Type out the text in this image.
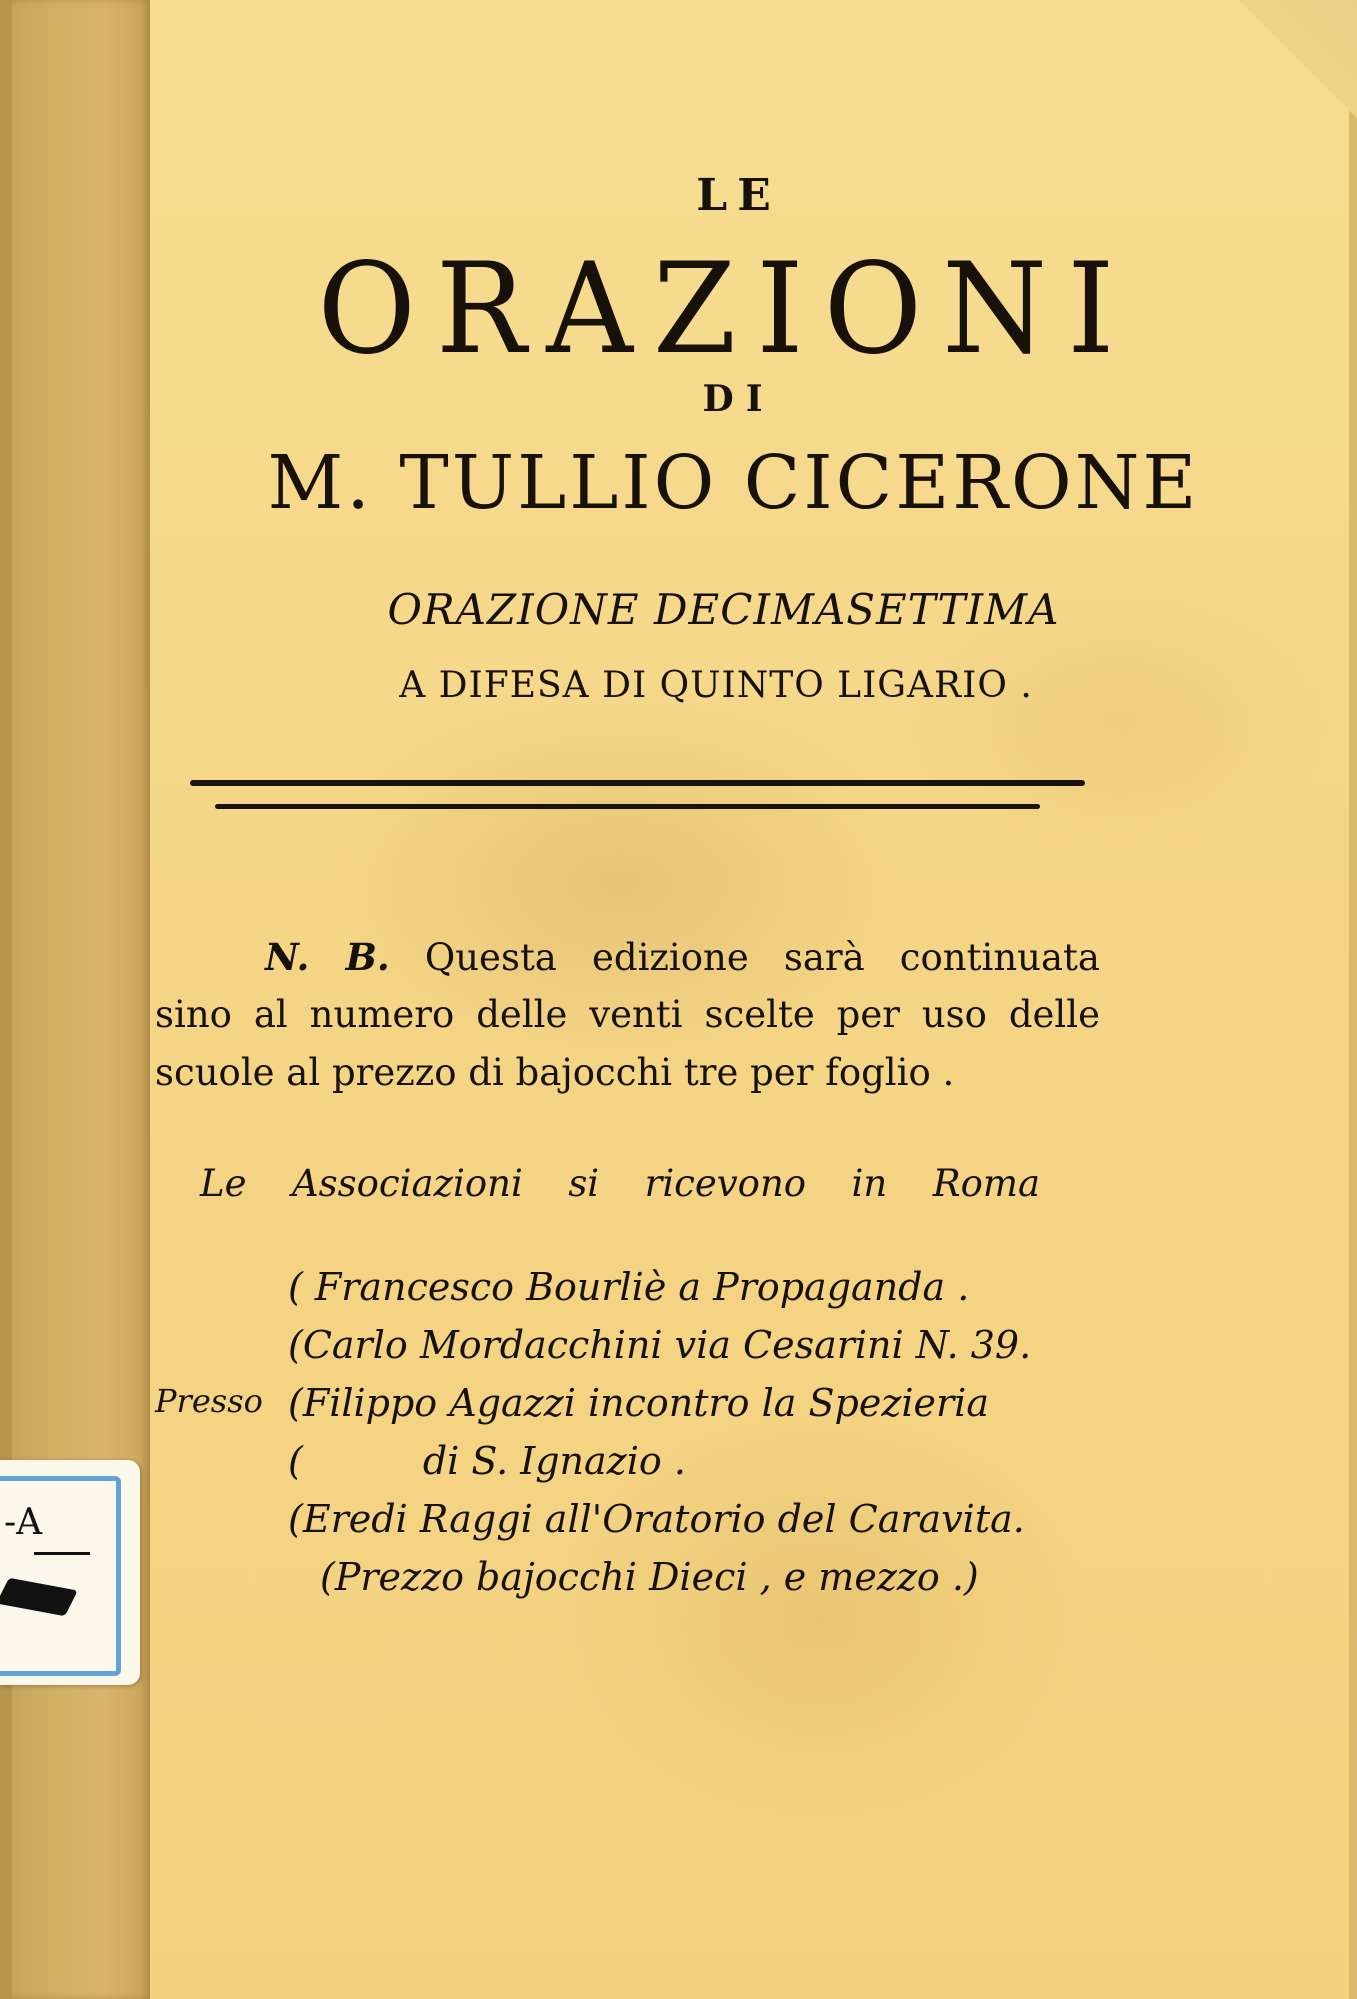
-A
LE
ORAZIONI
DI
M. TULLIO CICERONE
ORAZIONE DECIMASETTIMA
A DIFESA DI QUINTO LIGARIO .
N. B. Questa edizione sarà continuata
sino al numero delle venti scelte per uso delle
scuole al prezzo di bajocchi tre per foglio .
Le Associazioni si ricevono in Roma
Presso
( Francesco Bourliè a Propaganda .
(Carlo Mordacchini via Cesarini N. 39.
(Filippo Agazzi incontro la Spezieria
(	di S. Ignazio .
(Eredi Raggi all'Oratorio del Caravita.
(Prezzo bajocchi Dieci , e mezzo .)
